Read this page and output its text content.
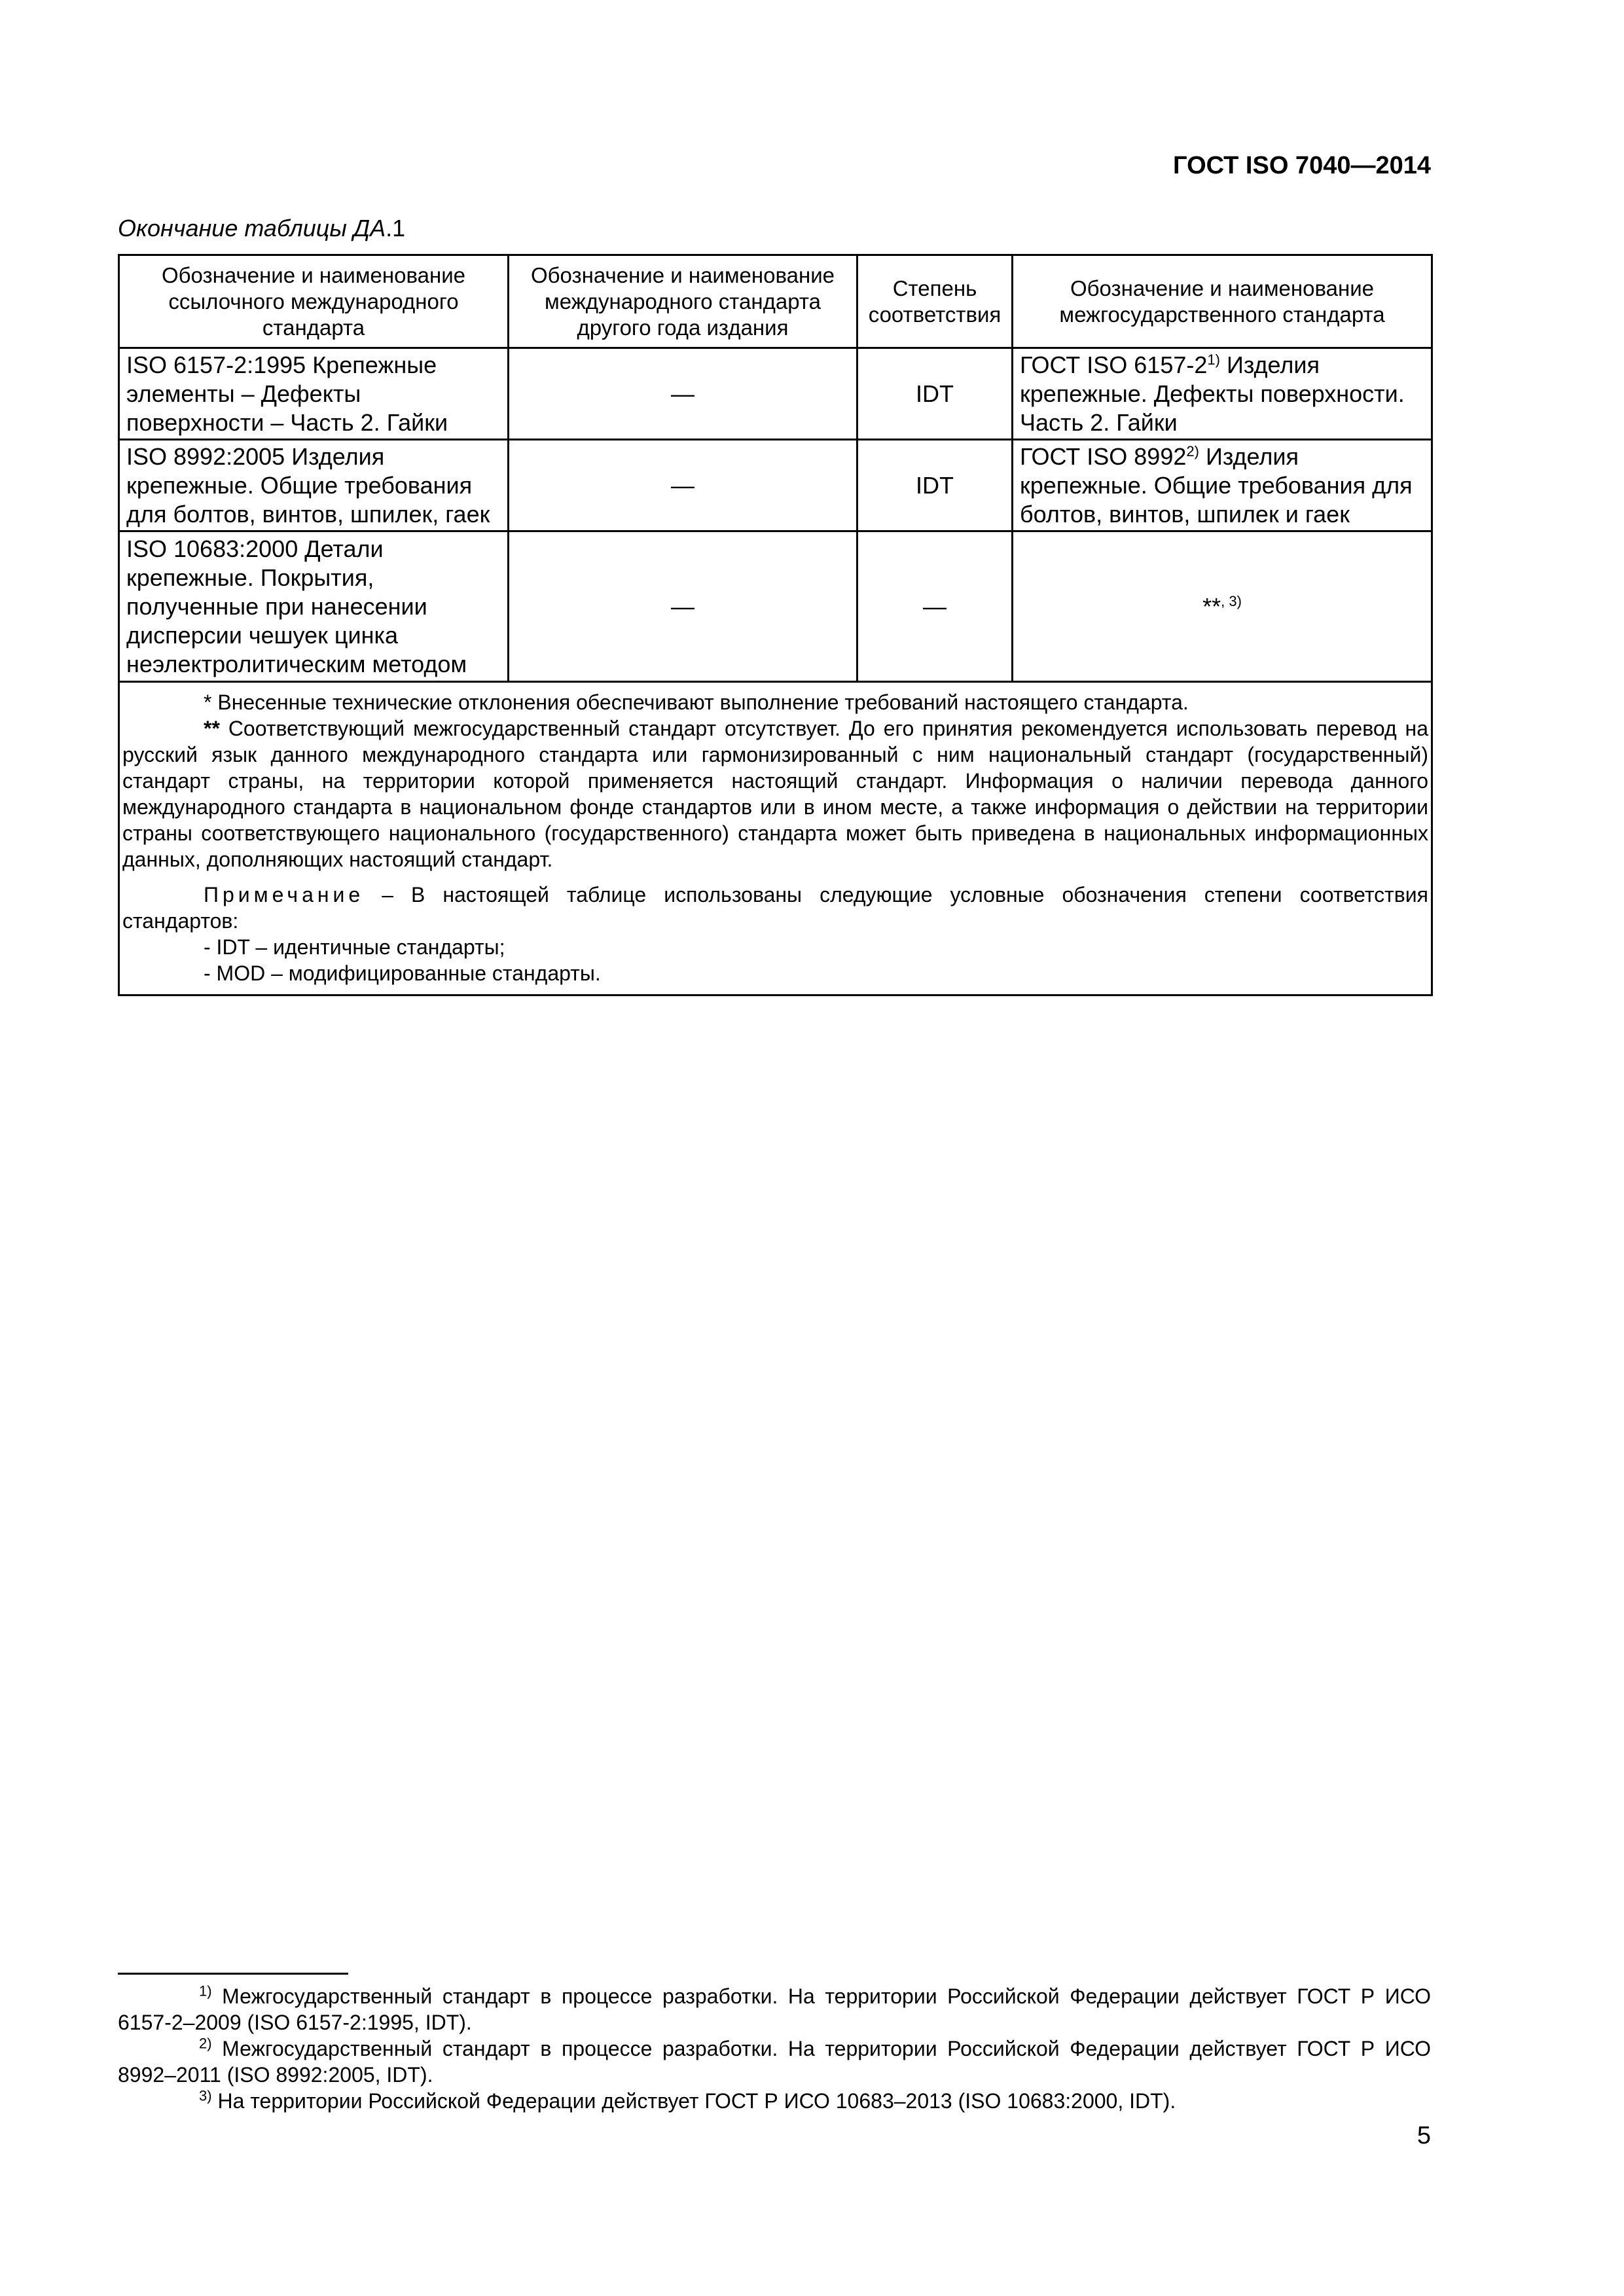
ГОСТ ISO 7040—2014
Окончание таблицы ДА.1
Обозначение и наименование ссылочного международного стандарта	Обозначение и наименование международного стандарта другого года издания	Степень соответствия	Обозначение и наименование межгосударственного стандарта
ISO 6157-2:1995 Крепежные элементы – Дефекты поверхности – Часть 2. Гайки	—	IDT	ГОСТ ISO 6157-2$^{1)}$ Изделия крепежные. Дефекты поверхности. Часть 2. Гайки
ISO 8992:2005 Изделия крепежные. Общие требования для болтов, винтов, шпилек, гаек	—	IDT	ГОСТ ISO 8992$^{2)}$ Изделия крепежные. Общие требования для болтов, винтов, шпилек и гаек
ISO 10683:2000 Детали крепежные. Покрытия, полученные при нанесении дисперсии чешуек цинка неэлектролитическим методом	—	—	**$^{, 3)}$

* Внесенные технические отклонения обеспечивают выполнение требований настоящего стандарта.
** Соответствующий межгосударственный стандарт отсутствует. До его принятия рекомендуется использовать перевод на русский язык данного международного стандарта или гармонизированный с ним национальный стандарт (государственный) стандарт страны, на территории которой применяется настоящий стандарт. Информация о наличии перевода данного международного стандарта в национальном фонде стандартов или в ином месте, а также информация о действии на территории страны соответствующего национального (государственного) стандарта может быть приведена в национальных информационных данных, дополняющих настоящий стандарт.
Примечание – В настоящей таблице использованы следующие условные обозначения степени соответствия стандартов:
- IDT – идентичные стандарты;
- MOD – модифицированные стандарты.			

$^{1)}$ Межгосударственный стандарт в процессе разработки. На территории Российской Федерации действует ГОСТ Р ИСО 6157-2–2009 (ISO 6157-2:1995, IDT).

$^{2)}$ Межгосударственный стандарт в процессе разработки. На территории Российской Федерации действует ГОСТ Р ИСО 8992–2011 (ISO 8992:2005, IDT).

$^{3)}$ На территории Российской Федерации действует ГОСТ Р ИСО 10683–2013 (ISO 10683:2000, IDT).

5
